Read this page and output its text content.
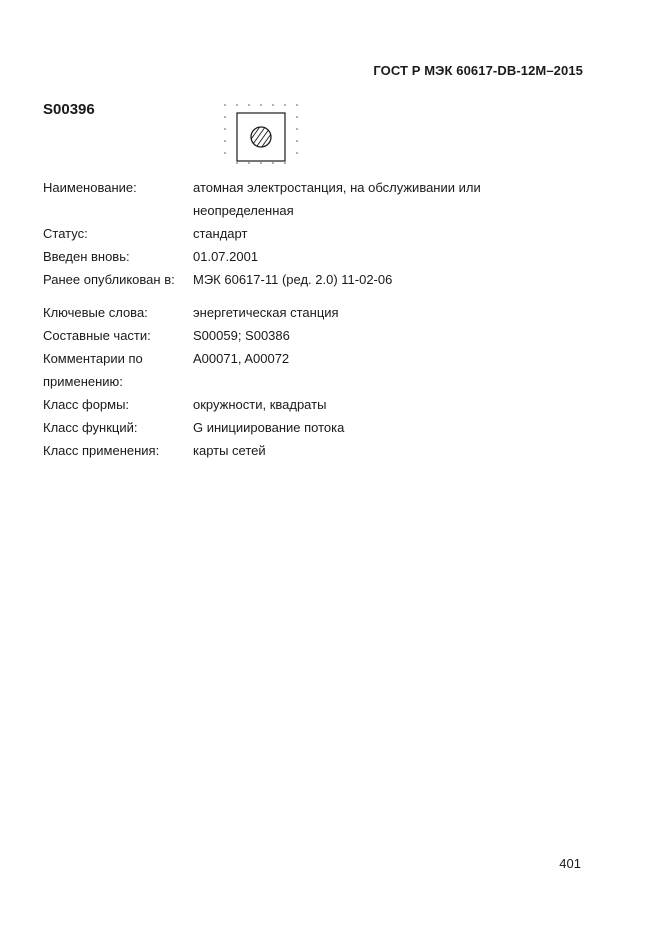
ГОСТ Р МЭК 60617-DB-12М–2015
S00396
Наименование:	атомная электростанция, на обслуживании или
неопределенная
Статус:	стандарт
Введен вновь:	01.07.2001
Ранее опубликован в: МЭК 60617-11 (ред. 2.0) 11-02-06
Ключевые слова:	энергетическая станция
Составные части:	S00059; S00386
Комментарии по	A00071, A00072
применению:
Класс формы:	окружности, квадраты
Класс функций:	G инициирование потока
Класс применения:	карты сетей
401
